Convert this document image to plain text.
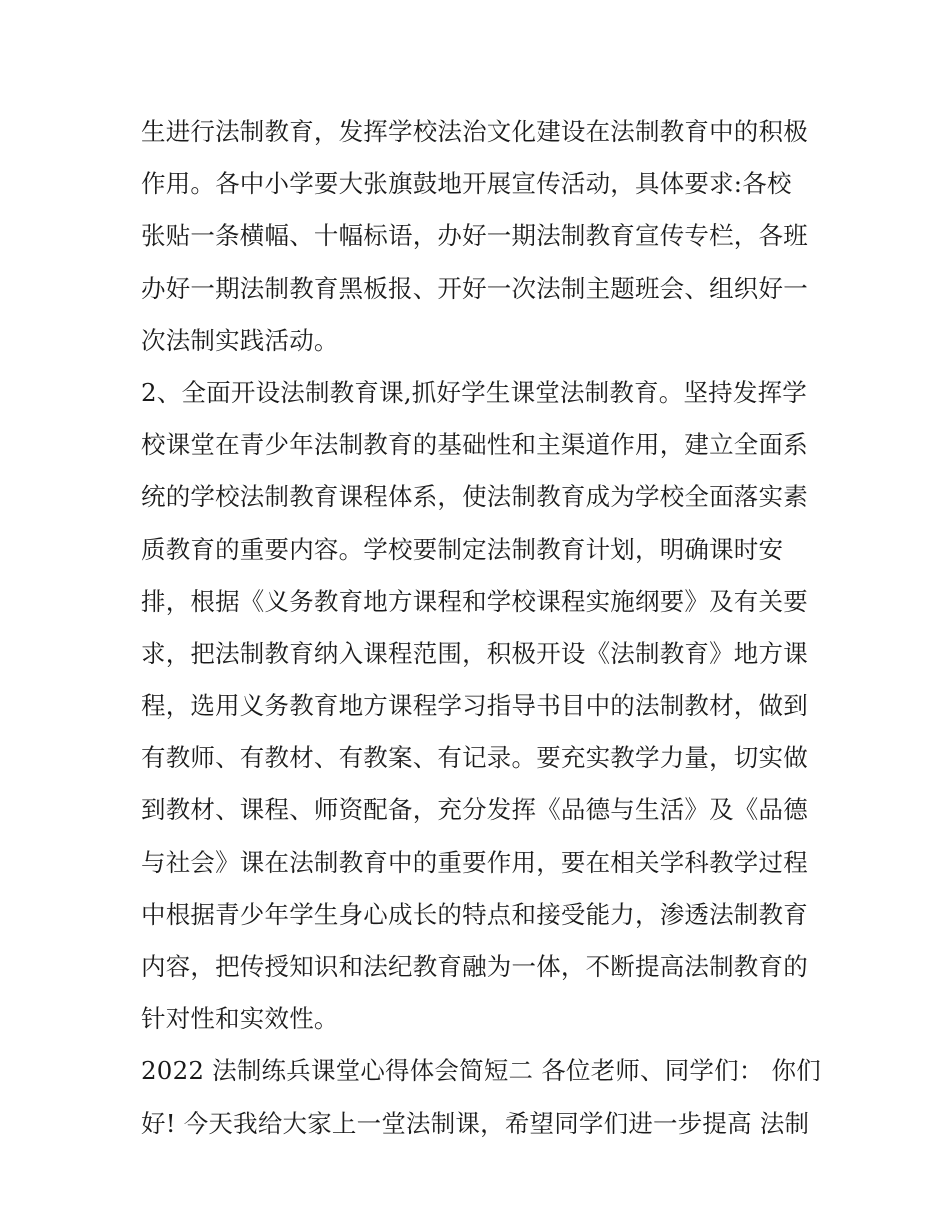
生进行法制教育，发挥学校法治文化建设在法制教育中的积极
作用。各中小学要大张旗鼓地开展宣传活动，具体要求:各校
张贴一条横幅、十幅标语，办好一期法制教育宣传专栏，各班
办好一期法制教育黑板报、开好一次法制主题班会、组织好一
次法制实践活动。
2、全面开设法制教育课,抓好学生课堂法制教育。坚持发挥学
校课堂在青少年法制教育的基础性和主渠道作用，建立全面系
统的学校法制教育课程体系，使法制教育成为学校全面落实素
质教育的重要内容。学校要制定法制教育计划，明确课时安
排，根据《义务教育地方课程和学校课程实施纲要》及有关要
求，把法制教育纳入课程范围，积极开设《法制教育》地方课
程，选用义务教育地方课程学习指导书目中的法制教材，做到
有教师、有教材、有教案、有记录。要充实教学力量，切实做
到教材、课程、师资配备，充分发挥《品德与生活》及《品德
与社会》课在法制教育中的重要作用，要在相关学科教学过程
中根据青少年学生身心成长的特点和接受能力，渗透法制教育
内容，把传授知识和法纪教育融为一体，不断提高法制教育的
针对性和实效性。
2022 法制练兵课堂心得体会简短二 各位老师、同学们： 你们
好! 今天我给大家上一堂法制课，希望同学们进一步提高 法制
